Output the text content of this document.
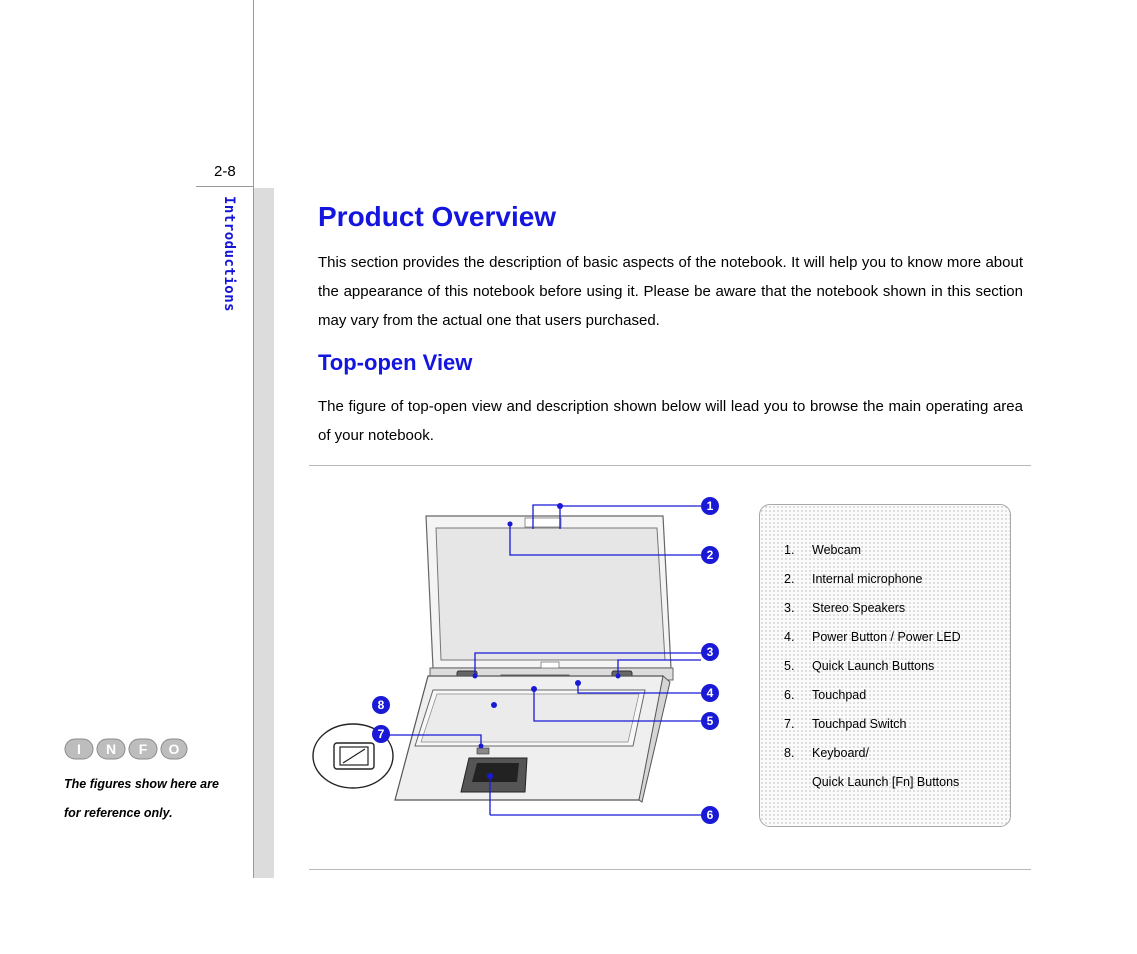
2-8
Introductions
I N F O
The figures show here are
for reference only.
Product Overview

This section provides the description of basic aspects of the notebook. It will help you to know more about the appearance of this notebook before using it. Please be aware that the notebook shown in this section may vary from the actual one that users purchased.

Top-open View

The figure of top-open view and description shown below will lead you to browse the main operating area of your notebook.

1
2
3
4
5
6
7
8
1. Webcam
2. Internal microphone
3. Stereo Speakers
4. Power Button / Power LED
5. Quick Launch Buttons
6. Touchpad
7. Touchpad Switch
8. Keyboard/
Quick Launch [Fn] Buttons
